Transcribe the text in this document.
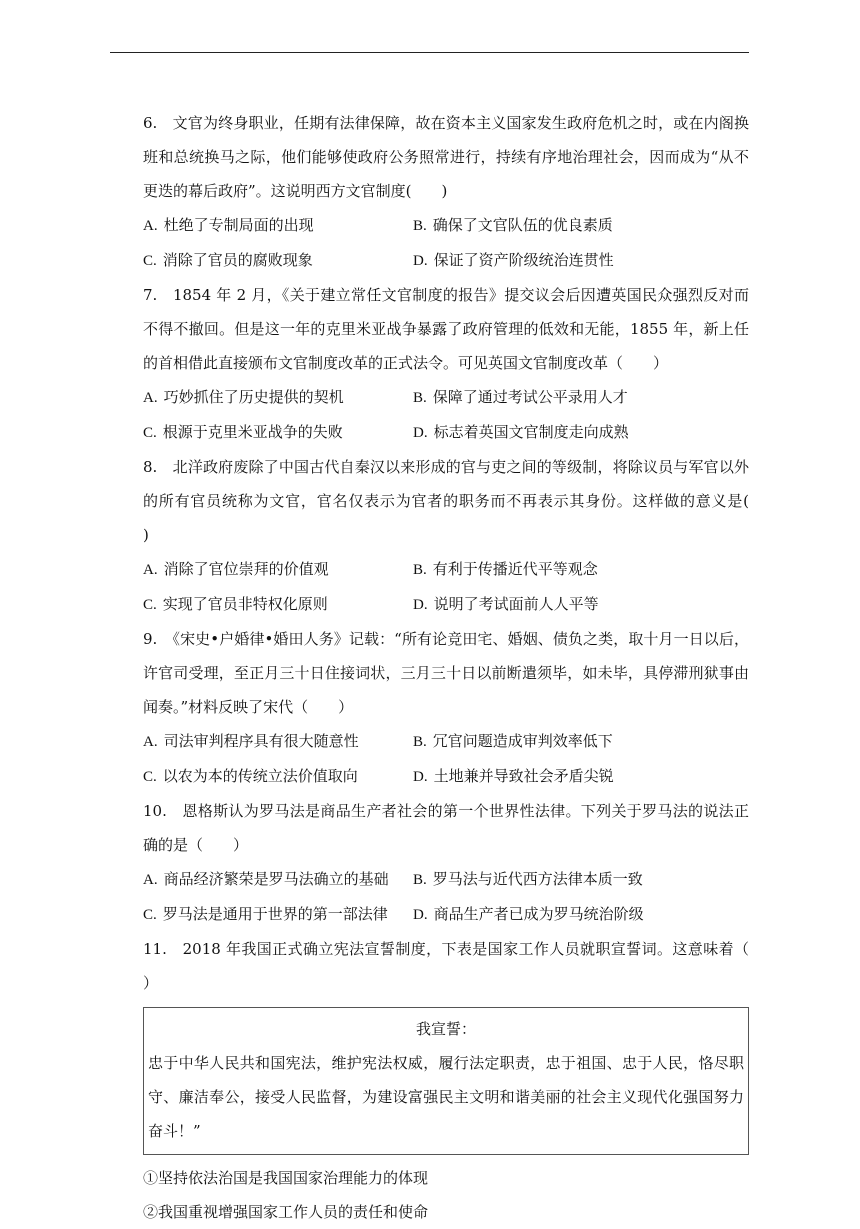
6.　文官为终身职业，任期有法律保障，故在资本主义国家发生政府危机之时，或在内阁换班和总统换马之际，他们能够使政府公务照常进行，持续有序地治理社会，因而成为“从不更迭的幕后政府”。这说明西方文官制度(　　)
A. 杜绝了专制局面的出现	B. 确保了文官队伍的优良素质
C. 消除了官员的腐败现象	D. 保证了资产阶级统治连贯性
7.　1854 年 2 月，《关于建立常任文官制度的报告》提交议会后因遭英国民众强烈反对而不得不撤回。但是这一年的克里米亚战争暴露了政府管理的低效和无能，1855 年，新上任的首相借此直接颁布文官制度改革的正式法令。可见英国文官制度改革（　　）
A. 巧妙抓住了历史提供的契机	B. 保障了通过考试公平录用人才
C. 根源于克里米亚战争的失败	D. 标志着英国文官制度走向成熟
8.　北洋政府废除了中国古代自秦汉以来形成的官与吏之间的等级制，将除议员与军官以外的所有官员统称为文官，官名仅表示为官者的职务而不再表示其身份。这样做的意义是(　　)
A. 消除了官位崇拜的价值观	B. 有利于传播近代平等观念
C. 实现了官员非特权化原则	D. 说明了考试面前人人平等
9.　《宋史•户婚律•婚田人务》记载：“所有论竞田宅、婚姻、债负之类，取十月一日以后，许官司受理，至正月三十日住接词状，三月三十日以前断遣须毕，如未毕，具停滞刑狱事由闻奏。”材料反映了宋代（　　）
A. 司法审判程序具有很大随意性	B. 冗官问题造成审判效率低下
C. 以农为本的传统立法价值取向	D. 土地兼并导致社会矛盾尖锐
10.　恩格斯认为罗马法是商品生产者社会的第一个世界性法律。下列关于罗马法的说法正确的是（　　）
A. 商品经济繁荣是罗马法确立的基础	B. 罗马法与近代西方法律本质一致
C. 罗马法是通用于世界的第一部法律	D. 商品生产者已成为罗马统治阶级
11.　2018 年我国正式确立宪法宣誓制度，下表是国家工作人员就职宣誓词。这意味着（　　）
我宣誓：
忠于中华人民共和国宪法，维护宪法权威，履行法定职责，忠于祖国、忠于人民，恪尽职守、廉洁奉公，接受人民监督，为建设富强民主文明和谐美丽的社会主义现代化强国努力奋斗！”
①坚持依法治国是我国国家治理能力的体现
②我国重视增强国家工作人员的责任和使命
